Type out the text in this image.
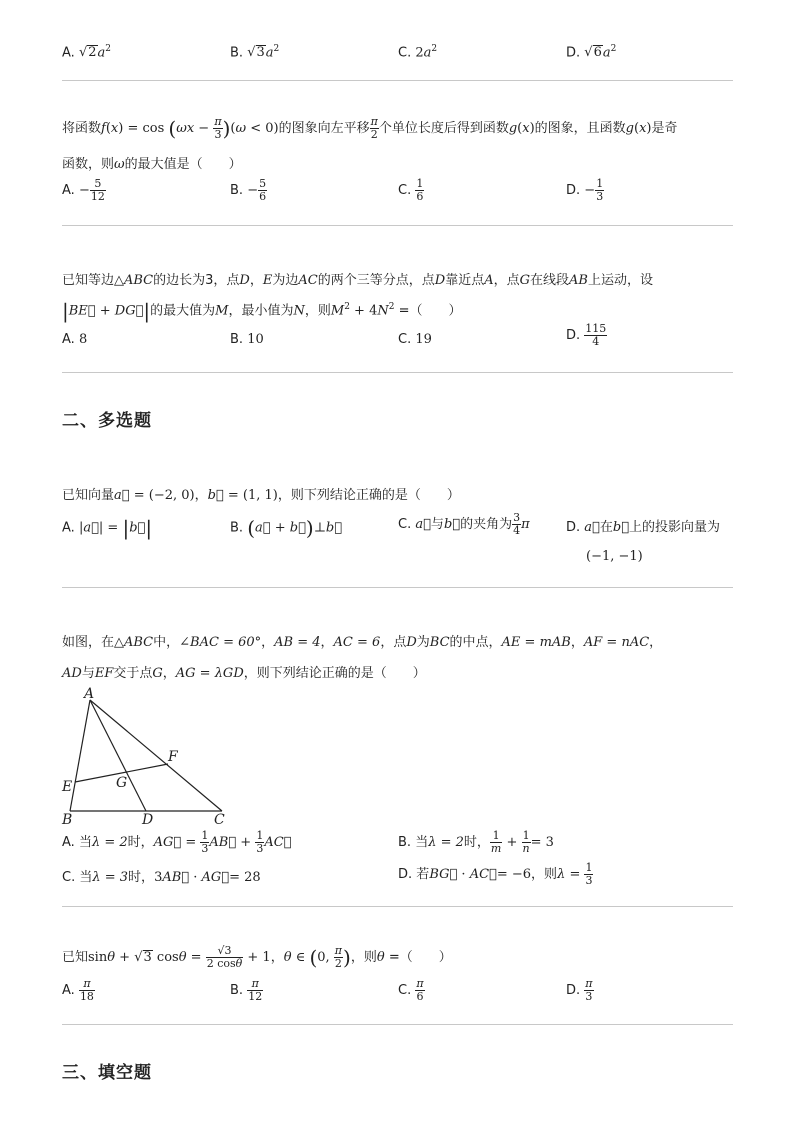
A. $√2a^2$	B. $√3a^2$	C. $2a^2$	D. $√6a^2$
将函数$f(x) = \cos (\omega x - \frac{\pi}{3} )(\omega < 0)$的图象向左平移 $\frac{\pi}{2}$ 个单位长度后得到函数g(x)的图象，且函数g(x)是奇
函数，则ω的最大值是（　　）
A. − $\frac{5}{12}$	B. − $\frac{5}{6}$	C. $\frac{1}{6}$	D. − $\frac{1}{3}$
已知等边△ABC的边长为3，点D，E为边AC的两个三等分点，点D靠近点A，点G在线段AB上运动，设
|BE⃗ + DG⃗|的最大值为M，最小值为N，则$M^2 + 4N^2$ =（　　）
A. 8	B. 10	C. 19	D. $\frac{115}{4}$
二、多选题
已知向量a⃗ = (−2, 0)，b⃗ = (1, 1)，则下列结论正确的是（　　）
A. |a⃗| = |b⃗|	B. (a⃗ + b⃗)⊥b⃗	C. a⃗与b⃗的夹角为 $\frac{3}{4}$ π	D. a⃗在b⃗上的投影向量为
(−1, −1)
如图，在△ABC中，∠BAC = 60°，AB = 4，AC = 6，点D为BC的中点，AE = mAB，AF = nAC，
AD与EF交于点G，AG = λGD，则下列结论正确的是（　　）
A
B	C
D
E
F
G
A. 当λ = 2时，AG⃗ = $\frac{1}{3}$ AB⃗ + $\frac{1}{3}$ AC⃗	B. 当λ = 2时， $\frac{1}{m} + \frac{1}{n} = 3$
C. 当λ = 3时，3AB⃗ · AG⃗= 28	D. 若BG⃗ · AC⃗= −6，则$\lambda = \frac{1}{3}$
已知sinθ + √3 $\cos\theta = \frac{√3}{2 \cos\theta} + 1$，θ ∈ (0, $\frac{\pi}{2}$ )，则θ =（　　）
A. $\frac{\pi}{18}$	B. $\frac{\pi}{12}$	C. $\frac{\pi}{6}$	D. $\frac{\pi}{3}$
三、填空题
